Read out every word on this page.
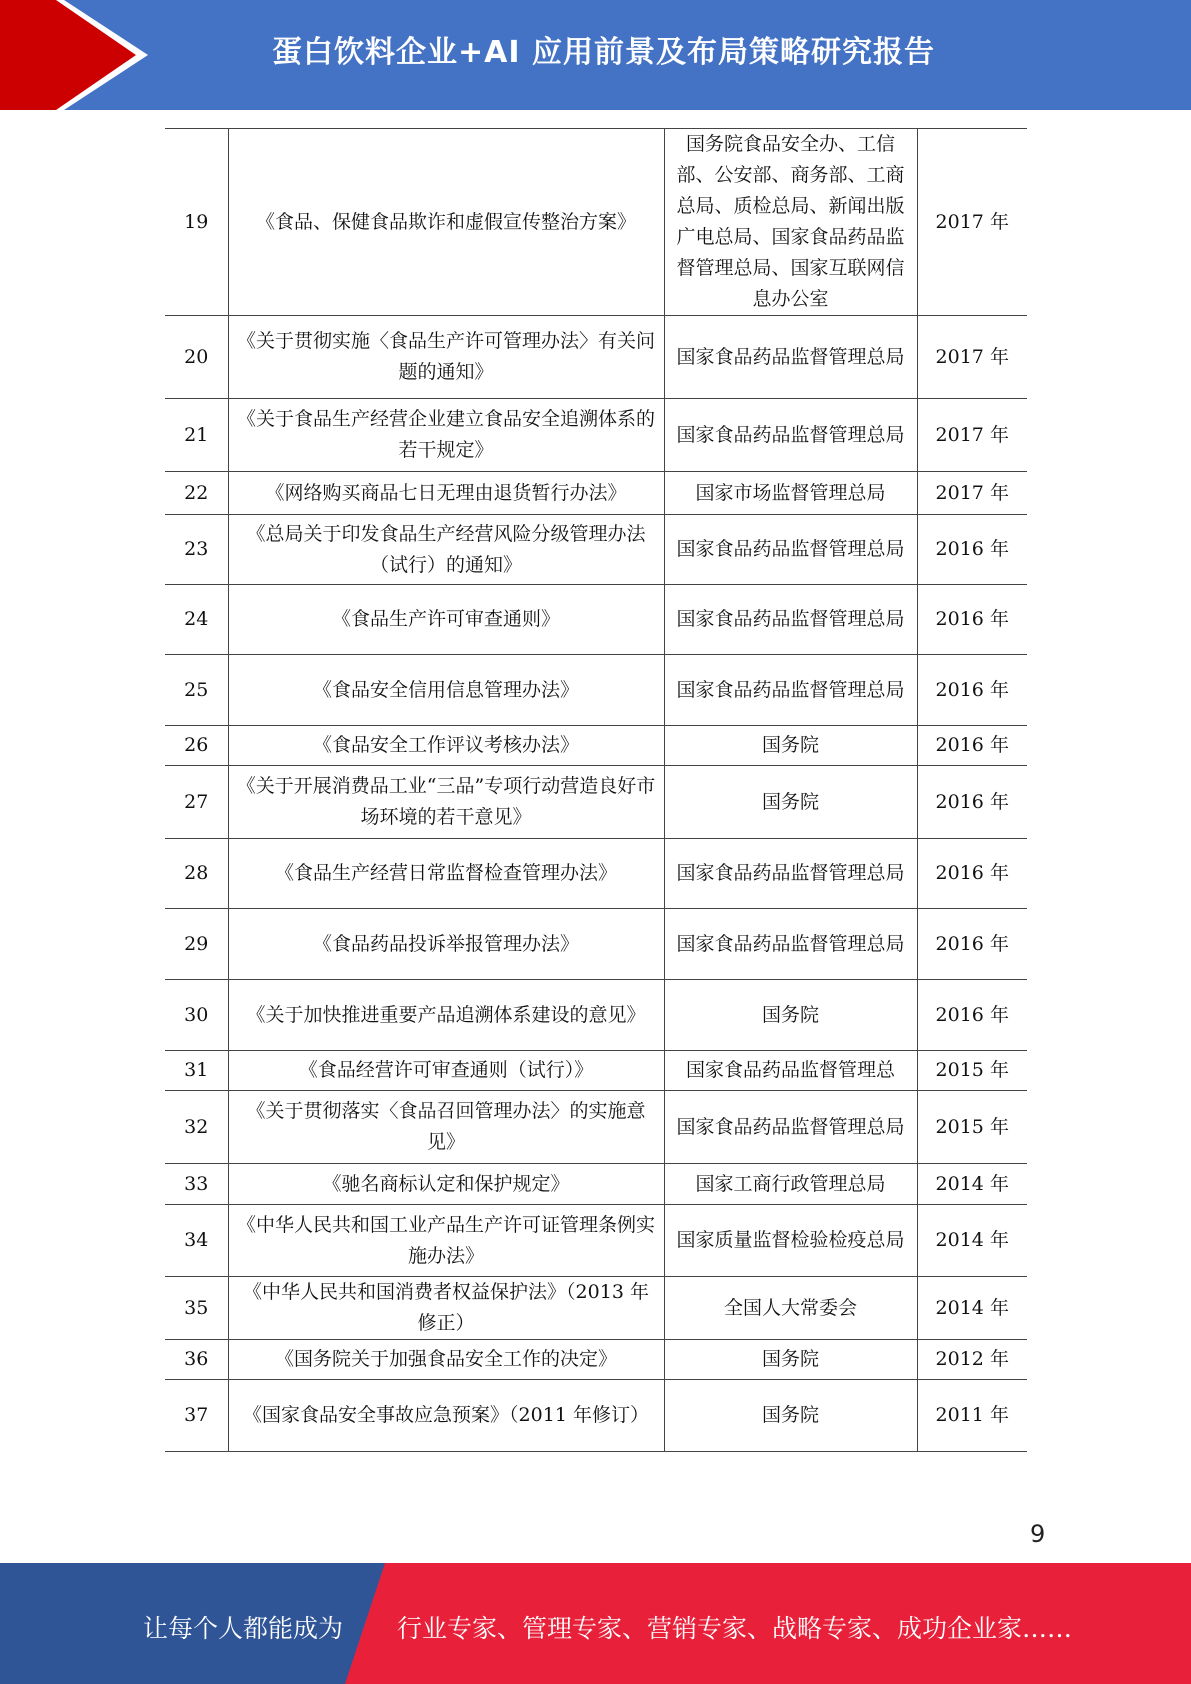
蛋白饮料企业+AI 应用前景及布局策略研究报告
19	《食品、保健食品欺诈和虚假宣传整治方案》	国务院食品安全办、工信部、公安部、商务部、工商总局、质检总局、新闻出版广电总局、国家食品药品监督管理总局、国家互联网信息办公室	2017 年
20	《关于贯彻实施〈食品生产许可管理办法〉有关问题的通知》	国家食品药品监督管理总局	2017 年
21	《关于食品生产经营企业建立食品安全追溯体系的若干规定》	国家食品药品监督管理总局	2017 年
22	《网络购买商品七日无理由退货暂行办法》	国家市场监督管理总局	2017 年
23	《总局关于印发食品生产经营风险分级管理办法（试行）的通知》	国家食品药品监督管理总局	2016 年
24	《食品生产许可审查通则》	国家食品药品监督管理总局	2016 年
25	《食品安全信用信息管理办法》	国家食品药品监督管理总局	2016 年
26	《食品安全工作评议考核办法》	国务院	2016 年
27	《关于开展消费品工业“三品”专项行动营造良好市场环境的若干意见》	国务院	2016 年
28	《食品生产经营日常监督检查管理办法》	国家食品药品监督管理总局	2016 年
29	《食品药品投诉举报管理办法》	国家食品药品监督管理总局	2016 年
30	《关于加快推进重要产品追溯体系建设的意见》	国务院	2016 年
31	《食品经营许可审查通则（试行）》	国家食品药品监督管理总	2015 年
32	《关于贯彻落实〈食品召回管理办法〉的实施意见》	国家食品药品监督管理总局	2015 年
33	《驰名商标认定和保护规定》	国家工商行政管理总局	2014 年
34	《中华人民共和国工业产品生产许可证管理条例实施办法》	国家质量监督检验检疫总局	2014 年
35	《中华人民共和国消费者权益保护法》（2013 年修正）	全国人大常委会	2014 年
36	《国务院关于加强食品安全工作的决定》	国务院	2012 年
37	《国家食品安全事故应急预案》（2011 年修订）	国务院	2011 年
9
让每个人都能成为 行业专家、管理专家、营销专家、战略专家、成功企业家……
